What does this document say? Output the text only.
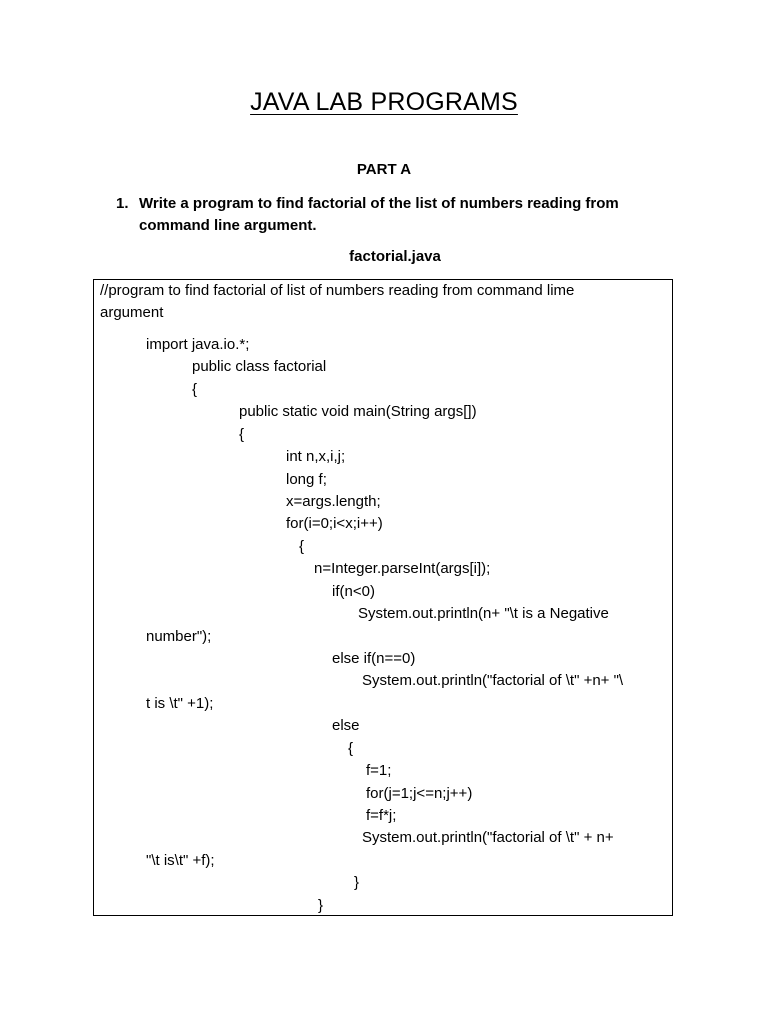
JAVA LAB PROGRAMS
PART A
1. Write a program to find factorial of the list of numbers reading from command line argument.
factorial.java
//program to find factorial of list of numbers reading from command lime
argument
import java.io.*;
public class factorial
{
public static void main(String args[])
{
int n,x,i,j;
long f;
x=args.length;
for(i=0;i<x;i++)
{
n=Integer.parseInt(args[i]);
if(n<0)
System.out.println(n+ "\t is a Negative
number");
else if(n==0)
System.out.println("factorial of \t" +n+ "\
t is \t" +1);
else
{
f=1;
for(j=1;j<=n;j++)
f=f*j;
System.out.println("factorial of \t" + n+
"\t is\t" +f);
}
}
